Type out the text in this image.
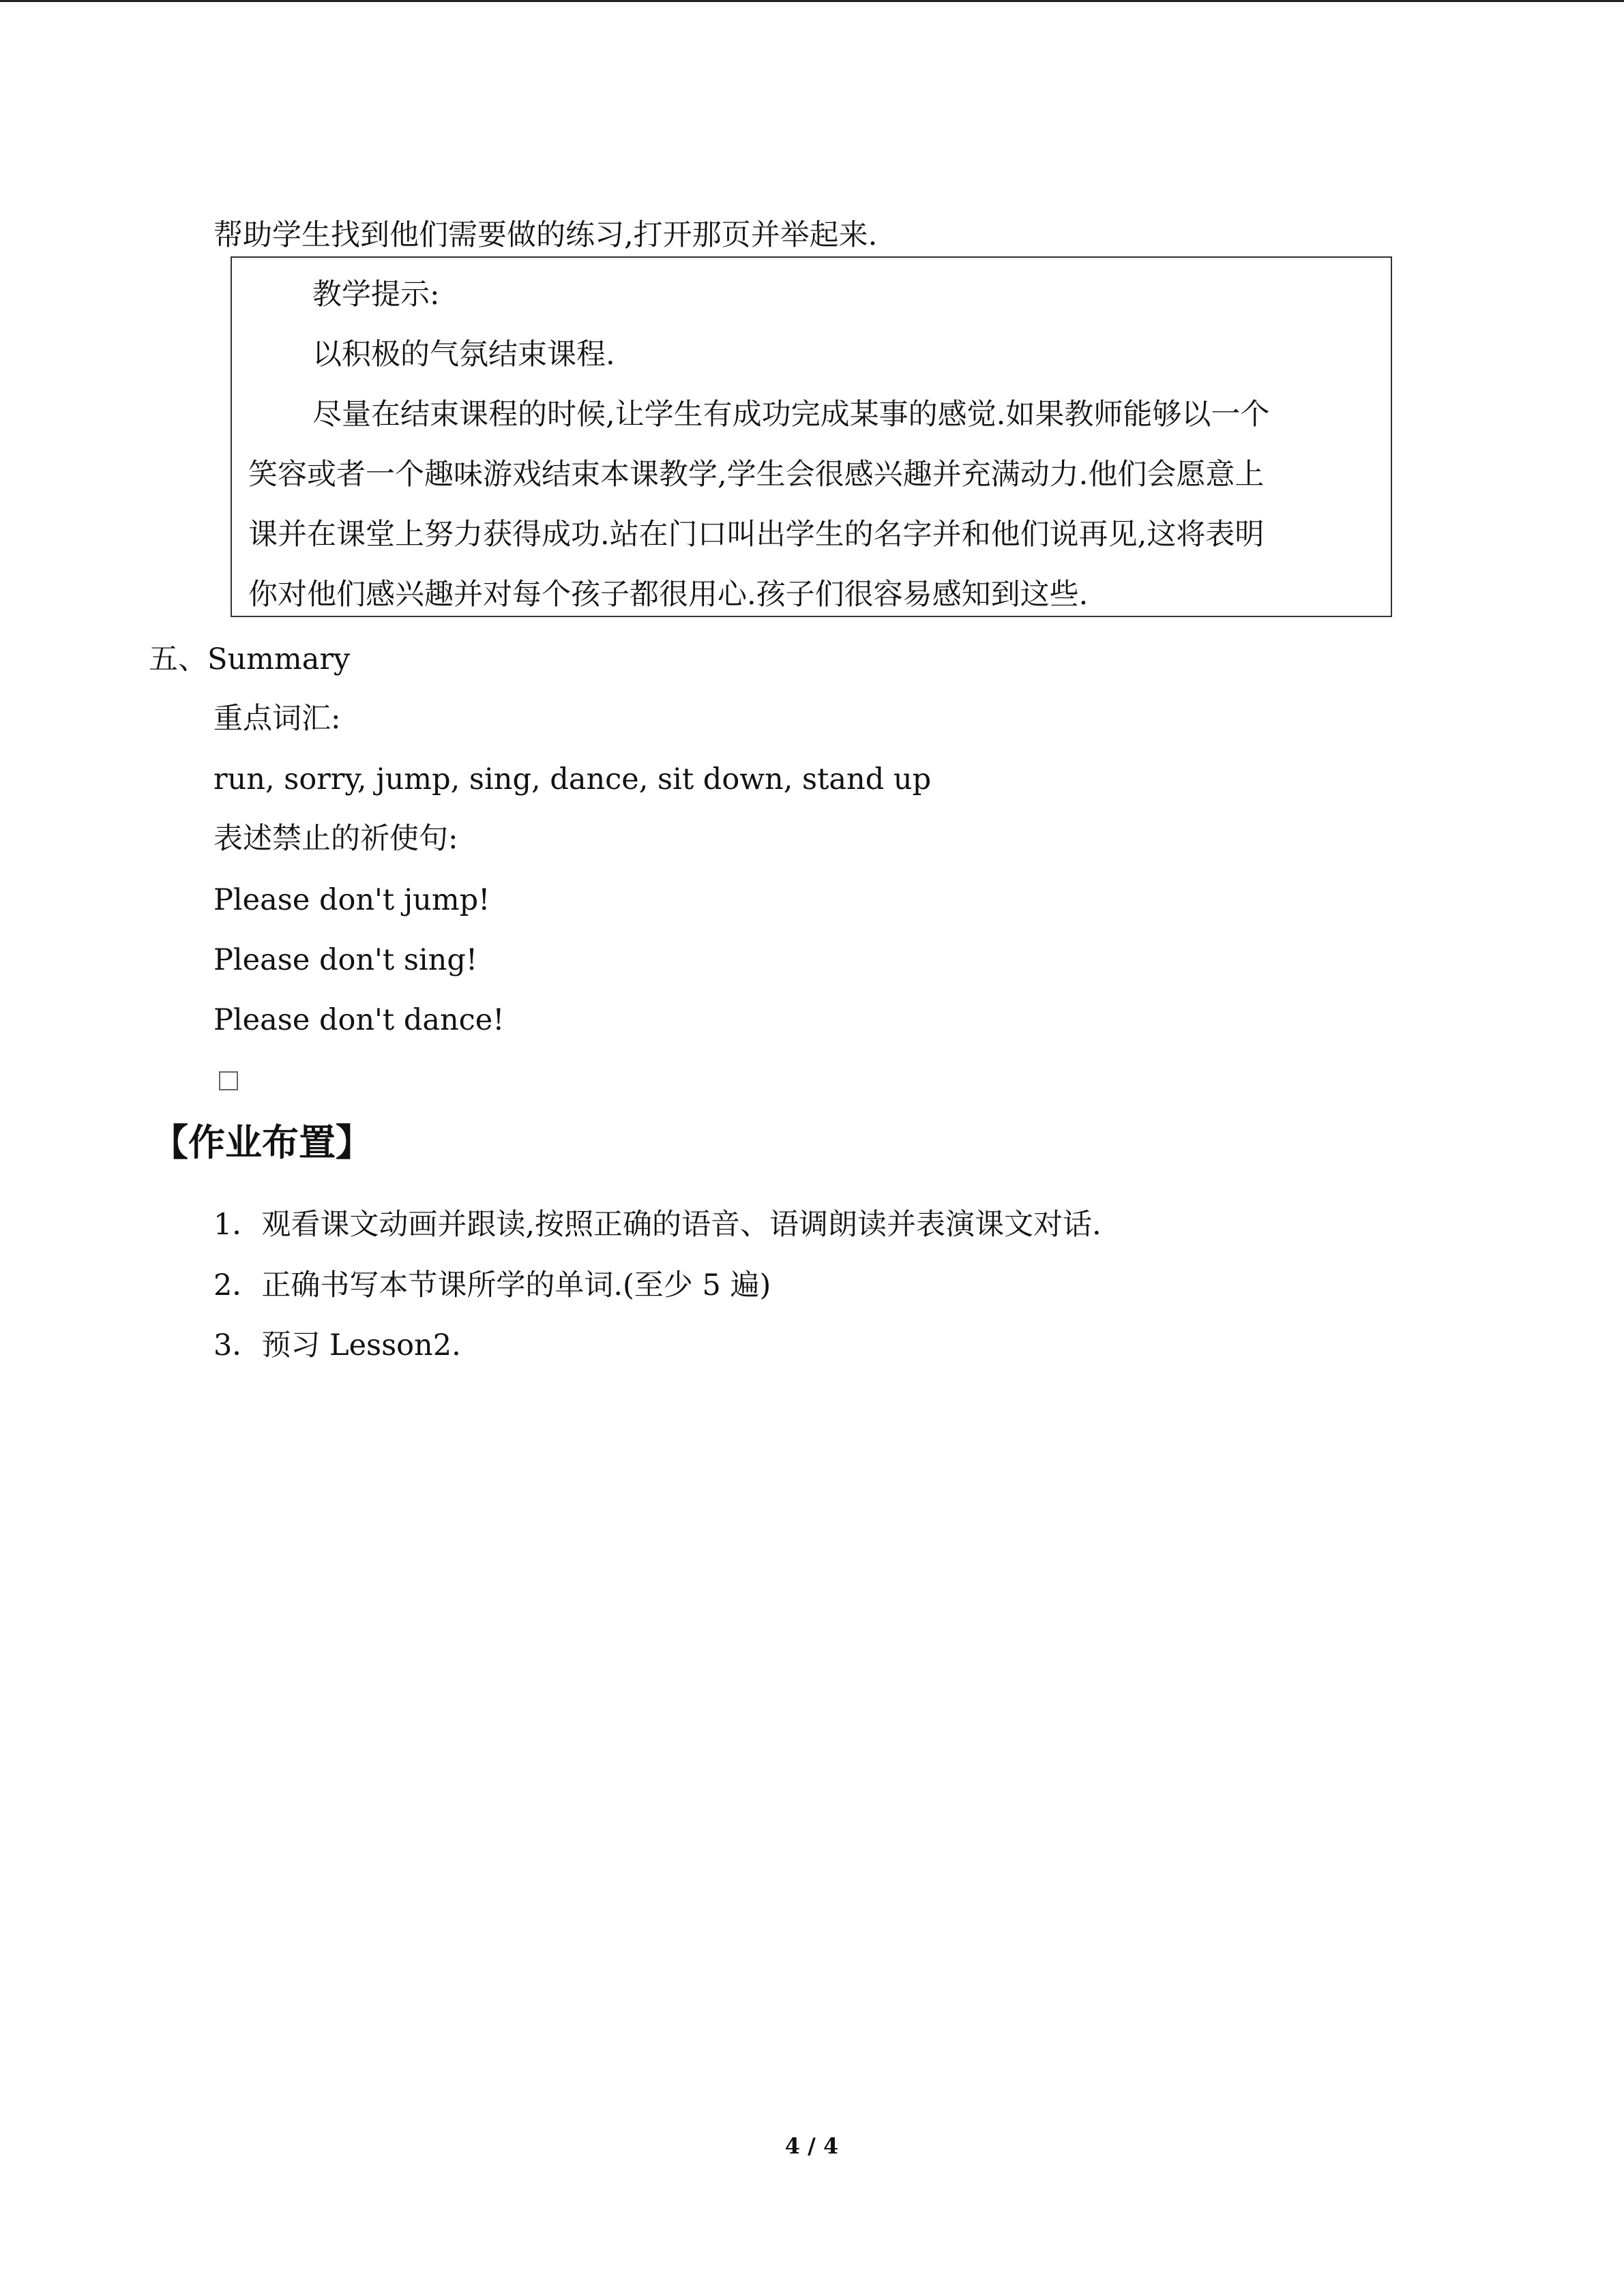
帮助学生找到他们需要做的练习,打开那页并举起来.
教学提示:
以积极的气氛结束课程.
尽量在结束课程的时候,让学生有成功完成某事的感觉.如果教师能够以一个
笑容或者一个趣味游戏结束本课教学,学生会很感兴趣并充满动力.他们会愿意上
课并在课堂上努力获得成功.站在门口叫出学生的名字并和他们说再见,这将表明
你对他们感兴趣并对每个孩子都很用心.孩子们很容易感知到这些.
五、Summary
重点词汇:
run, sorry, jump, sing, dance, sit down, stand up
表述禁止的祈使句:
Please don't jump!
Please don't sing!
Please don't dance!
【作业布置】
1．观看课文动画并跟读,按照正确的语音、语调朗读并表演课文对话.
2．正确书写本节课所学的单词.(至少 5 遍)
3．预习 Lesson2.
4 / 4
